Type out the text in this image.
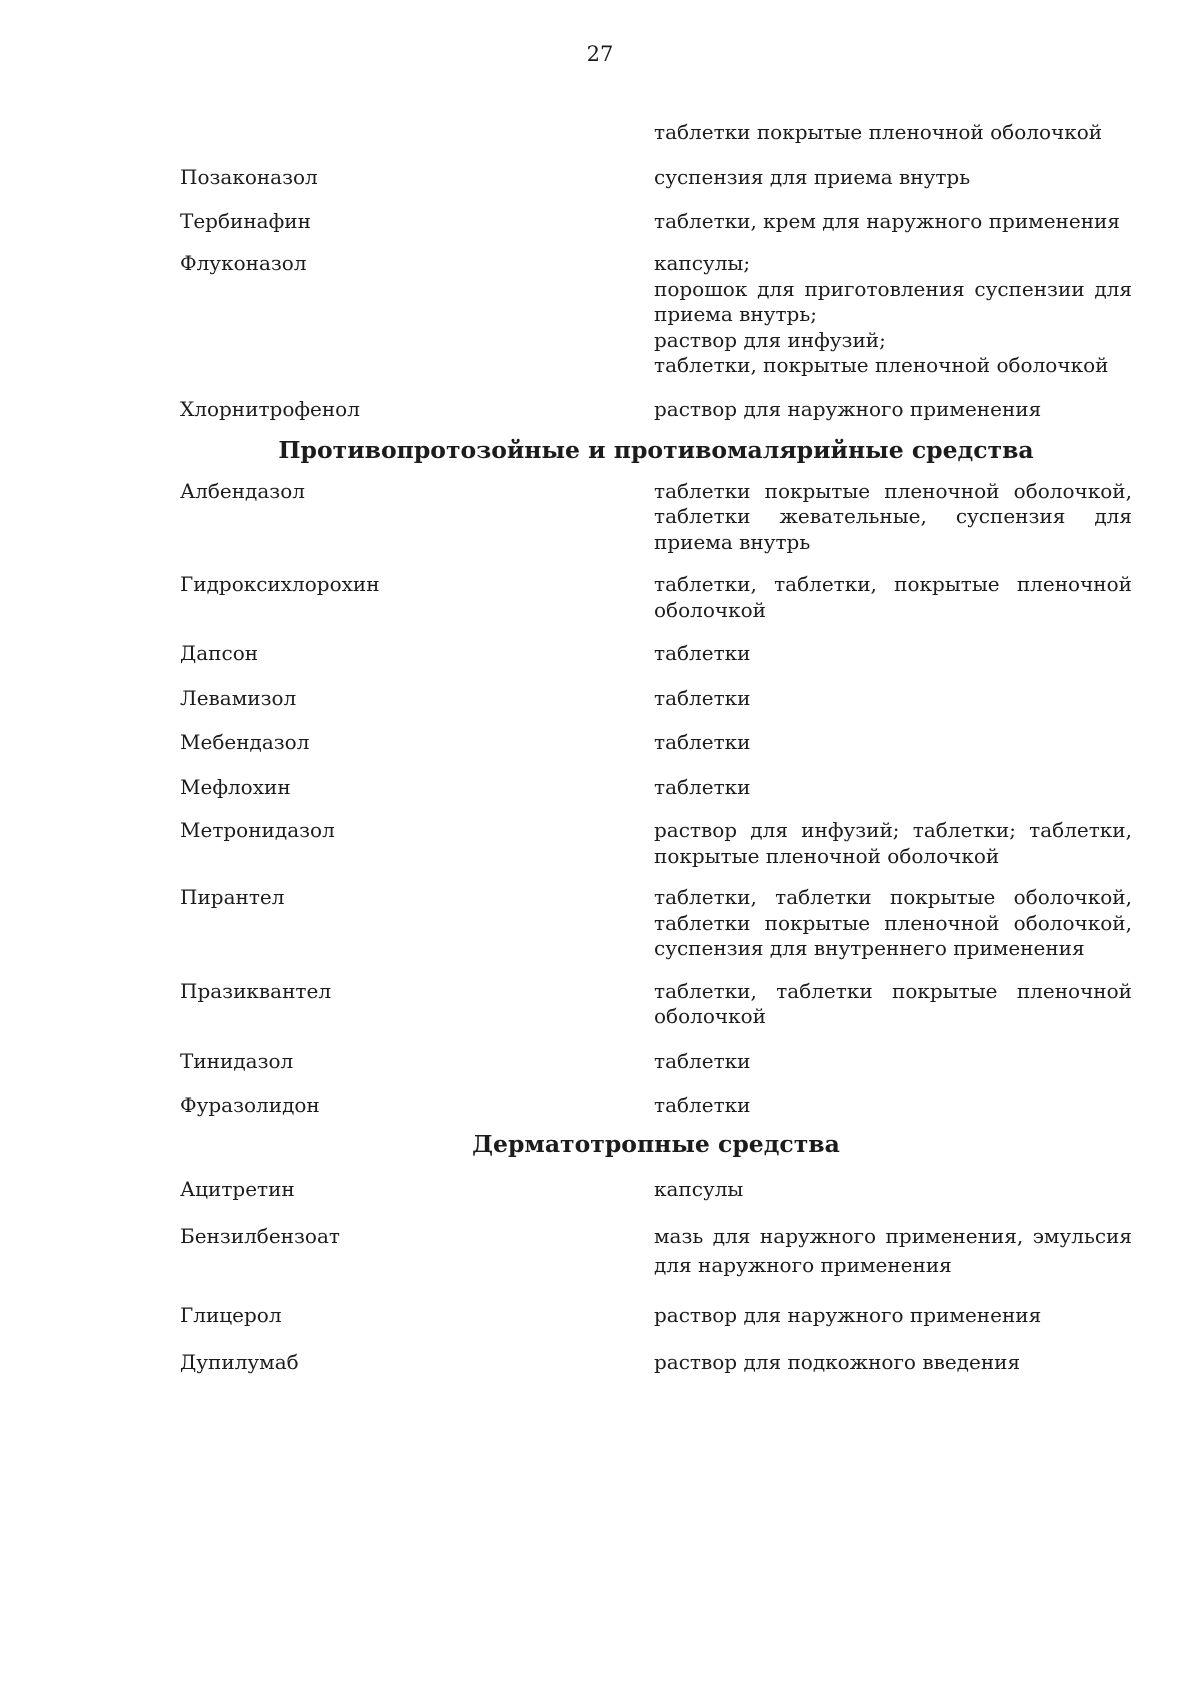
27
таблетки покрытые пленочной оболочкой
Позаконазол	суспензия для приема внутрь
Тербинафин	таблетки, крем для наружного применения
Флуконазол	капсулы;
порошок для приготовления суспензии для приема внутрь;
раствор для инфузий;
таблетки, покрытые пленочной оболочкой
Хлорнитрофенол	раствор для наружного применения
Противопротозойные и противомалярийные средства
Албендазол	таблетки покрытые пленочной оболочкой, таблетки жевательные, суспензия для приема внутрь
Гидроксихлорохин	таблетки, таблетки, покрытые пленочной оболочкой
Дапсон	таблетки
Левамизол	таблетки
Мебендазол	таблетки
Мефлохин	таблетки
Метронидазол	раствор для инфузий; таблетки; таблетки, покрытые пленочной оболочкой
Пирантел	таблетки, таблетки покрытые оболочкой, таблетки покрытые пленочной оболочкой, суспензия для внутреннего применения
Празиквантел	таблетки, таблетки покрытые пленочной оболочкой
Тинидазол	таблетки
Фуразолидон	таблетки
Дерматотропные средства
Ацитретин	капсулы
Бензилбензоат	мазь для наружного применения, эмульсия для наружного применения
Глицерол	раствор для наружного применения
Дупилумаб	раствор для подкожного введения
